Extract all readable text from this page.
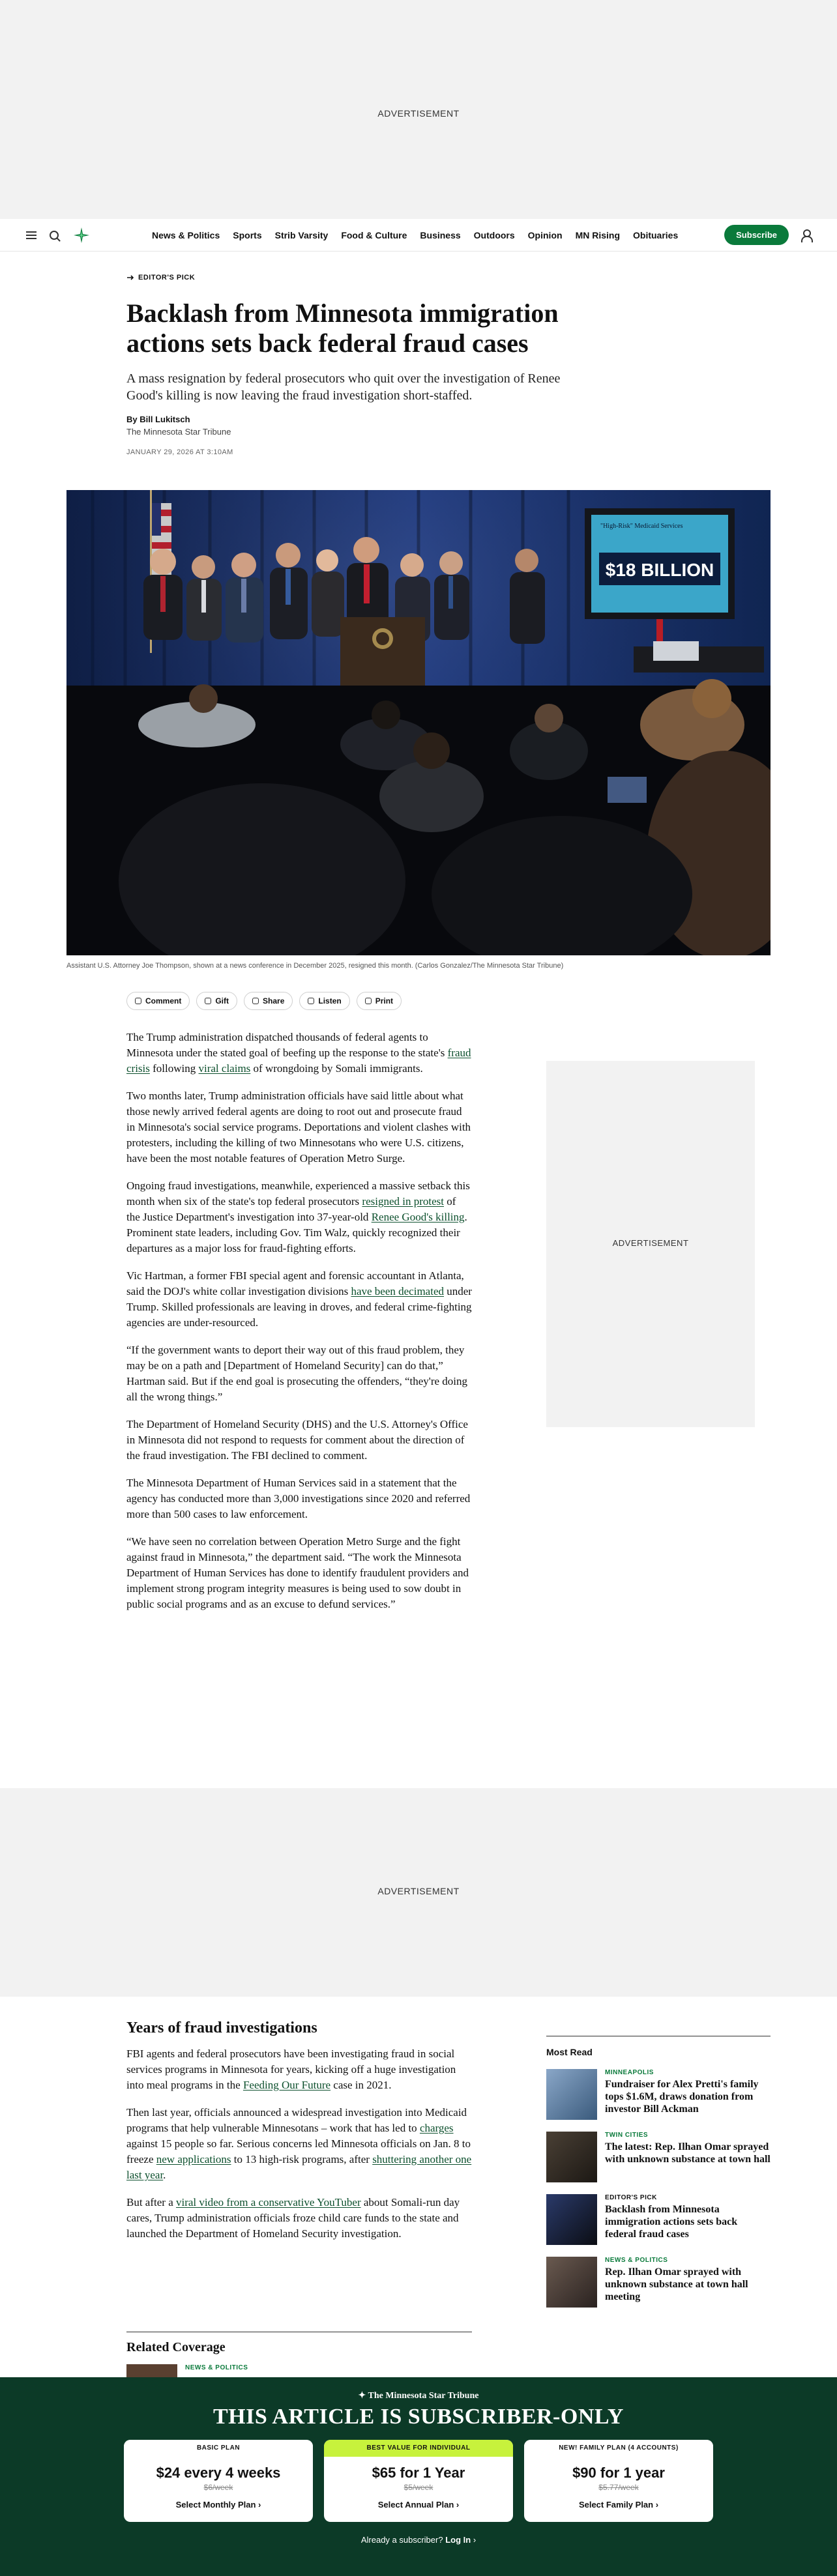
ADVERTISEMENT
News & Politics Sports Strib Varsity Food & Culture Business Outdoors Opinion MN Rising Obituaries	Subscribe
EDITOR'S PICK
Backlash from Minnesota immigration actions sets back federal fraud cases

A mass resignation by federal prosecutors who quit over the investigation of Renee Good's killing is now leaving the fraud investigation short-staffed.

By Bill Lukitsch
The Minnesota Star Tribune
JANUARY 29, 2026 AT 3:10AM
"High-Risk" Medicaid Services
$18 BILLION
Assistant U.S. Attorney Joe Thompson, shown at a news conference in December 2025, resigned this month. (Carlos Gonzalez/The Minnesota Star Tribune)
Comment	Gift	Share	Listen	Print

The Trump administration dispatched thousands of federal agents to Minnesota under the stated goal of beefing up the response to the state's fraud crisis following viral claims of wrongdoing by Somali immigrants.

Two months later, Trump administration officials have said little about what those newly arrived federal agents are doing to root out and prosecute fraud in Minnesota's social service programs. Deportations and violent clashes with protesters, including the killing of two Minnesotans who were U.S. citizens, have been the most notable features of Operation Metro Surge.

Ongoing fraud investigations, meanwhile, experienced a massive setback this month when six of the state's top federal prosecutors resigned in protest of the Justice Department's investigation into 37-year-old Renee Good's killing. Prominent state leaders, including Gov. Tim Walz, quickly recognized their departures as a major loss for fraud-fighting efforts.

Vic Hartman, a former FBI special agent and forensic accountant in Atlanta, said the DOJ's white collar investigation divisions have been decimated under Trump. Skilled professionals are leaving in droves, and federal crime-fighting agencies are under-resourced.

“If the government wants to deport their way out of this fraud problem, they may be on a path and [Department of Homeland Security] can do that,” Hartman said. But if the end goal is prosecuting the offenders, “they're doing all the wrong things.”

The Department of Homeland Security (DHS) and the U.S. Attorney's Office in Minnesota did not respond to requests for comment about the direction of the fraud investigation. The FBI declined to comment.

The Minnesota Department of Human Services said in a statement that the agency has conducted more than 3,000 investigations since 2020 and referred more than 500 cases to law enforcement.

“We have seen no correlation between Operation Metro Surge and the fight against fraud in Minnesota,” the department said. “The work the Minnesota Department of Human Services has done to identify fraudulent providers and implement strong program integrity measures is being used to sow doubt in public social programs and as an excuse to defund services.”

ADVERTISEMENT
ADVERTISEMENT
Years of fraud investigations

FBI agents and federal prosecutors have been investigating fraud in social services programs in Minnesota for years, kicking off a huge investigation into meal programs in the Feeding Our Future case in 2021.

Then last year, officials announced a widespread investigation into Medicaid programs that help vulnerable Minnesotans – work that has led to charges against 15 people so far. Serious concerns led Minnesota officials on Jan. 8 to freeze new applications to 13 high-risk programs, after shuttering another one last year.

But after a viral video from a conservative YouTuber about Somali-run day cares, Trump administration officials froze child care funds to the state and launched the Department of Homeland Security investigation.

Related Coverage
NEWS & POLITICS
Most Read
MINNEAPOLIS
Fundraiser for Alex Pretti's family tops $1.6M, draws donation from investor Bill Ackman
TWIN CITIES
The latest: Rep. Ilhan Omar sprayed with unknown substance at town hall
EDITOR'S PICK
Backlash from Minnesota immigration actions sets back federal fraud cases
NEWS & POLITICS
Rep. Ilhan Omar sprayed with unknown substance at town hall meeting
✦ The Minnesota Star Tribune
THIS ARTICLE IS SUBSCRIBER-ONLY
BASIC PLAN
$24 every 4 weeks
$6/week
Select Monthly Plan ›
BEST VALUE FOR INDIVIDUAL
$65 for 1 Year
$5/week
Select Annual Plan ›
NEW! FAMILY PLAN (4 ACCOUNTS)
$90 for 1 year
$5.77/week
Select Family Plan ›
Already a subscriber? Log In ›
